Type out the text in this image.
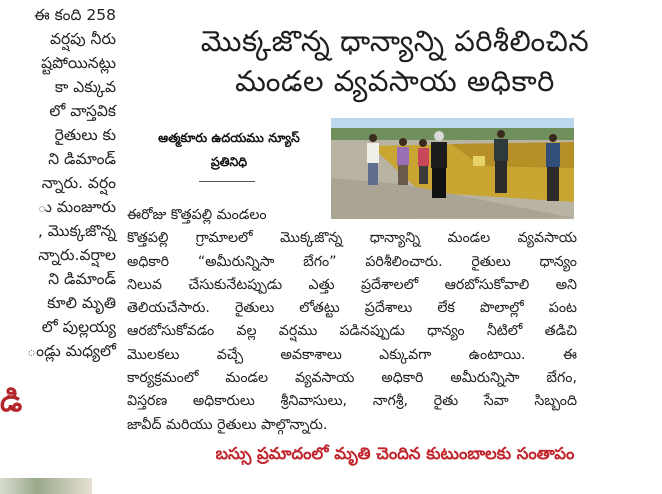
ఈ కంది 258
వర్షపు నీరు
ష్టపోయినట్లు
కా ఎక్కువ
లో వాస్తవిక
రైతులు కు
ని డిమాండ్
న్నారు. వర్షం
ు మంజూరు
, మొక్కజొన్న
న్నారు.వర్షాల
ని డిమాండ్
కూలి మృతి
లో పుల్లయ్య
ండ్లు మధ్యలో
డి
మొక్కజొన్న ధాన్యాన్ని పరిశీలించిన
మండల వ్యవసాయ అధికారి
ఆత్మకూరు ఉదయము న్యూస్
ప్రతినిధి
ఈరోజు కొత్తపల్లి మండలం
కొత్తపల్లి గ్రామాలలో మొక్కజొన్న ధాన్యాన్ని మండల వ్యవసాయ
అధికారి “అమీరున్నిసా బేగం” పరిశీలించారు. రైతులు ధాన్యం
నిలువ చేసుకునేటప్పుడు ఎత్తు ప్రదేశాలలో ఆరబోసుకోవాలి అని
తెలియచేసారు. రైతులు లోతట్టు ప్రదేశాలు లేక పొలాల్లో పంట
ఆరబోసుకోవడం వల్ల వర్షము పడినప్పుడు ధాన్యం నీటిలో తడిచి
మొలకలు వచ్చే అవకాశాలు ఎక్కువగా ఉంటాయి. ఈ
కార్యక్రమంలో మండల వ్యవసాయ అధికారి అమీరున్నిసా బేగం,
విస్తరణ అధికారులు శ్రీనివాసులు, నాగశ్రీ, రైతు సేవా సిబ్బంది
జావీద్ మరియు రైతులు పాల్గొన్నారు.
బస్సు ప్రమాదంలో మృతి చెందిన కుటుంబాలకు సంతాపం
